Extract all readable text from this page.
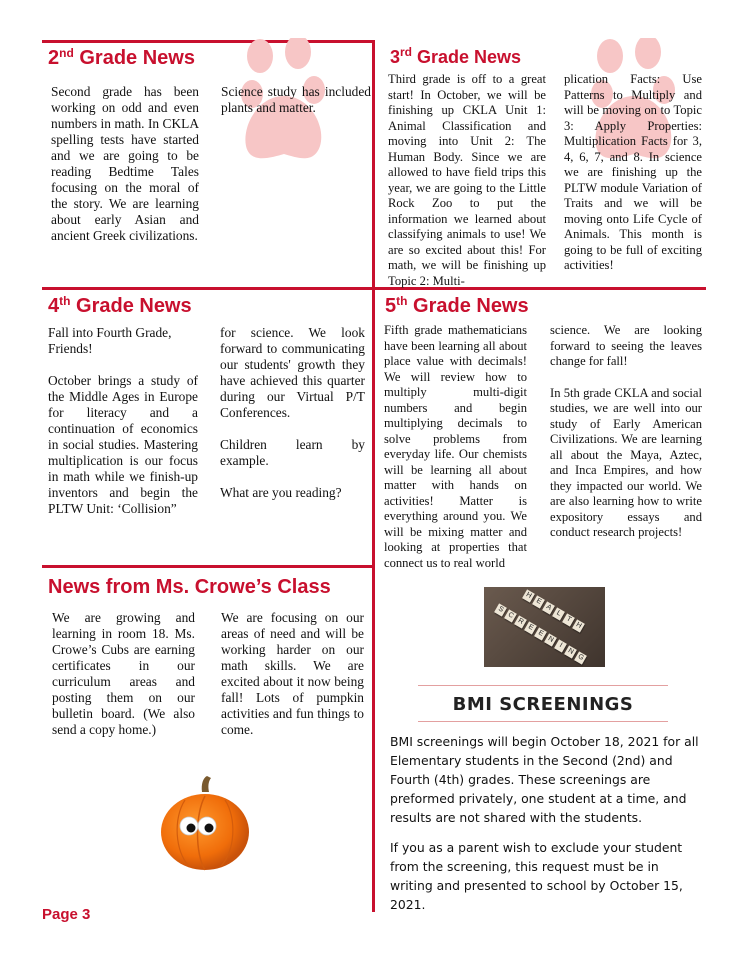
2nd Grade News

Second grade has been working on odd and even numbers in math. In CKLA spelling tests have started and we are going to be reading Bedtime Tales focusing on the moral of the story. We are learning about early Asian and ancient Greek civilizations.

Science study has included plants and matter.

3rd Grade News

Third grade is off to a great start! In October, we will be finishing up CKLA Unit 1: Animal Classification and moving into Unit 2: The Human Body. Since we are allowed to have field trips this year, we are going to the Little Rock Zoo to put the information we learned about classifying animals to use! We are so excited about this! For math, we will be finishing up Topic 2: Multi-

plication Facts: Use Patterns to Multiply and will be moving on to Topic 3: Apply Properties: Multiplication Facts for 3, 4, 6, 7, and 8. In science we are finishing up the PLTW module Variation of Traits and we will be moving onto Life Cycle of Animals. This month is going to be full of exciting activities!

4th Grade News

Fall into Fourth Grade, Friends!

October brings a study of the Middle Ages in Europe for literacy and a continuation of economics in social studies. Mastering multiplication is our focus in math while we finish-up inventors and begin the PLTW Unit: ‘Collision”

for science. We look forward to communicating our students' growth they have achieved this quarter during our Virtual P/T Conferences.

Children learn by example.

What are you reading?

5th Grade News

Fifth grade mathematicians have been learning all about place value with decimals! We will review how to multiply multi-digit numbers and begin multiplying decimals to solve problems from everyday life. Our chemists will be learning all about matter with hands on activities! Matter is everything around you. We will be mixing matter and looking at properties that connect us to real world

science. We are looking forward to seeing the leaves change for fall!

In 5th grade CKLA and social studies, we are well into our study of Early American Civilizations. We are learning all about the Maya, Aztec, and Inca Empires, and how they impacted our world. We are also learning how to write expository essays and conduct research projects!

News from Ms. Crowe’s Class

We are growing and learning in room 18. Ms. Crowe’s Cubs are earning certificates in our curriculum areas and posting them on our bulletin board. (We also send a copy home.)

We are focusing on our areas of need and will be working harder on our math skills. We are excited about it now being fall! Lots of pumpkin activities and fun things to come.

H
E
A
L
T
H
S
C
R
E
E
N
I
N
G
BMI SCREENINGS

BMI screenings will begin October 18, 2021 for all Elementary students in the Second (2nd) and Fourth (4th) grades. These screenings are preformed privately, one student at a time, and results are not shared with the students.

If you as a parent wish to exclude your student from the screening, this request must be in writing and presented to school by October 15, 2021.

Page 3
